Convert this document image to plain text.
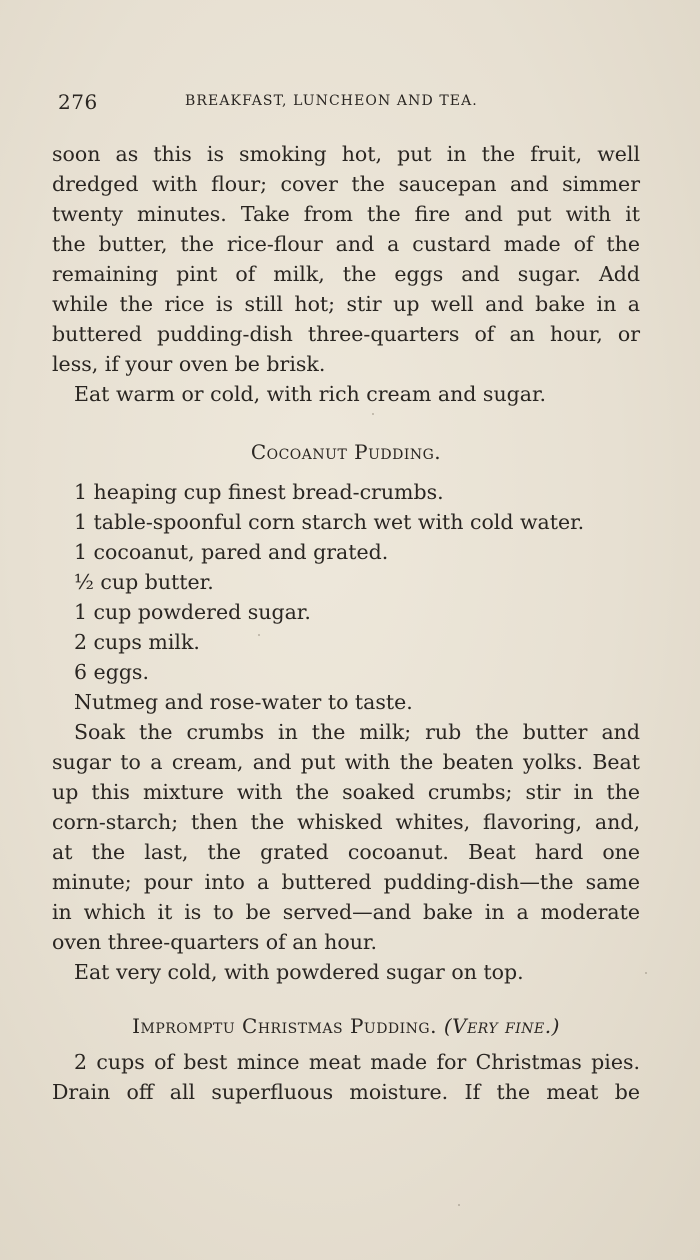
276	BREAKFAST, LUNCHEON AND TEA.

soon as this is smoking hot, put in the fruit, well

dredged with flour; cover the saucepan and simmer

twenty minutes. Take from the fire and put with it

the butter, the rice-flour and a custard made of the

remaining pint of milk, the eggs and sugar. Add

while the rice is still hot; stir up well and bake in a

buttered pudding-dish three-quarters of an hour, or

less, if your oven be brisk.

Eat warm or cold, with rich cream and sugar.

Cocoanut Pudding.

1 heaping cup finest bread-crumbs.
1 table-spoonful corn starch wet with cold water.
1 cocoanut, pared and grated.
½ cup butter.
1 cup powdered sugar.
2 cups milk.
6 eggs.
Nutmeg and rose-water to taste.

Soak the crumbs in the milk; rub the butter and

sugar to a cream, and put with the beaten yolks. Beat

up this mixture with the soaked crumbs; stir in the

corn-starch; then the whisked whites, flavoring, and,

at the last, the grated cocoanut. Beat hard one

minute; pour into a buttered pudding-dish—the same

in which it is to be served—and bake in a moderate

oven three-quarters of an hour.

Eat very cold, with powdered sugar on top.

Impromptu Christmas Pudding. (Very fine.)

2 cups of best mince meat made for Christmas pies.

Drain off all superfluous moisture. If the meat be
